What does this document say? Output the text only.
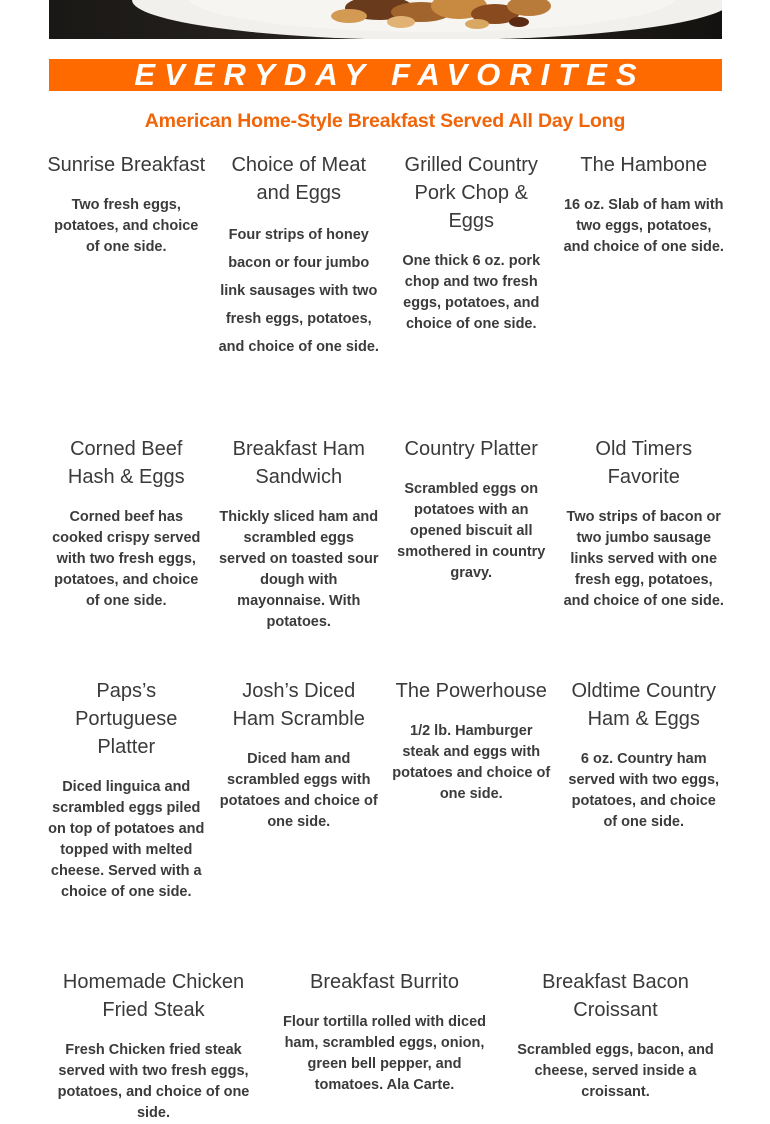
EVERYDAY FAVORITES
American Home-Style Breakfast Served All Day Long
Sunrise Breakfast

Two fresh eggs, potatoes, and choice of one side.

Choice of Meat and Eggs

Four strips of honey bacon or four jumbo link sausages with two fresh eggs, potatoes, and choice of one side.

Grilled Country Pork Chop & Eggs

One thick 6 oz. pork chop and two fresh eggs, potatoes, and choice of one side.

The Hambone

16 oz. Slab of ham with two eggs, potatoes, and choice of one side.

Corned Beef Hash & Eggs

Corned beef has cooked crispy served with two fresh eggs, potatoes, and choice of one side.

Breakfast Ham Sandwich

Thickly sliced ham and scrambled eggs served on toasted sour dough with mayonnaise. With potatoes.

Country Platter

Scrambled eggs on potatoes with an opened biscuit all smothered in country gravy.

Old Timers Favorite

Two strips of bacon or two jumbo sausage links served with one fresh egg, potatoes, and choice of one side.

Paps’s Portuguese Platter

Diced linguica and scrambled eggs piled on top of potatoes and topped with melted cheese. Served with a choice of one side.

Josh’s Diced Ham Scramble

Diced ham and scrambled eggs with potatoes and choice of one side.

The Powerhouse

1/2 lb. Hamburger steak and eggs with potatoes and choice of one side.

Oldtime Country Ham & Eggs

6 oz. Country ham served with two eggs, potatoes, and choice of one side.

Homemade Chicken Fried Steak

Fresh Chicken fried steak served with two fresh eggs, potatoes, and choice of one side.

Breakfast Burrito

Flour tortilla rolled with diced ham, scrambled eggs, onion, green bell pepper, and tomatoes. Ala Carte.

Breakfast Bacon Croissant

Scrambled eggs, bacon, and cheese, served inside a croissant.
